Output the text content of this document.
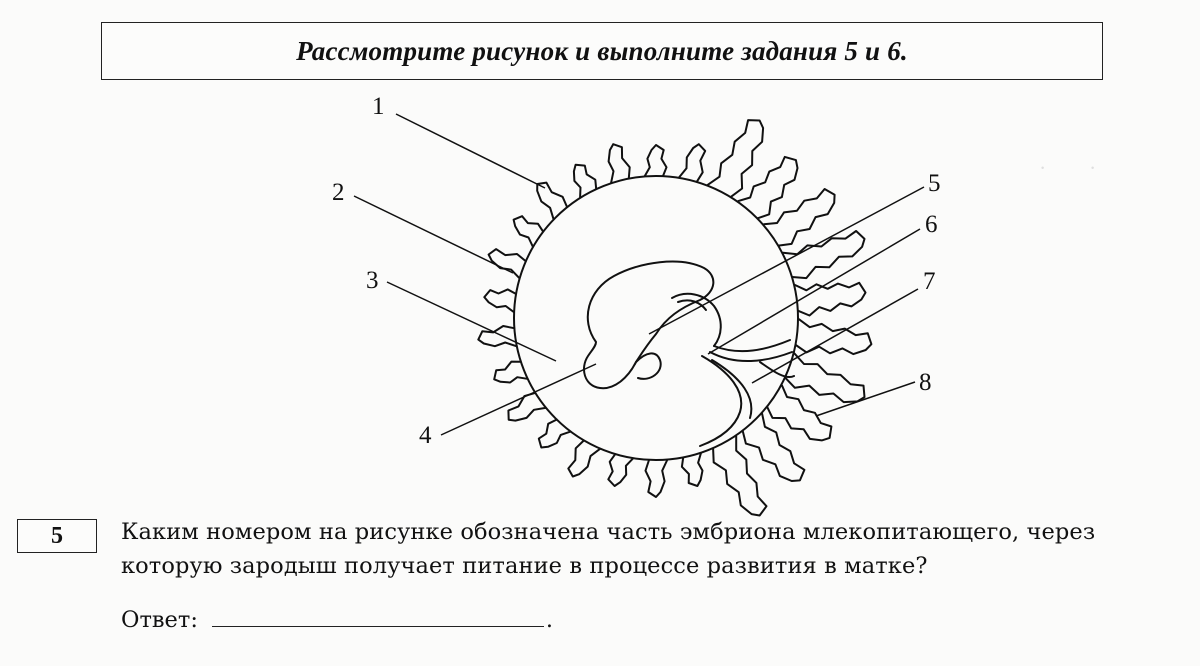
. .
Рассмотрите рисунок и выполните задания 5 и 6.
1
2
3
4
5
6
7
8
5	Каким номером на рисунке обозначена часть эмбриона млекопитающего, через
которую зародыш получает питание в процессе развития в матке?
Ответ:	.
